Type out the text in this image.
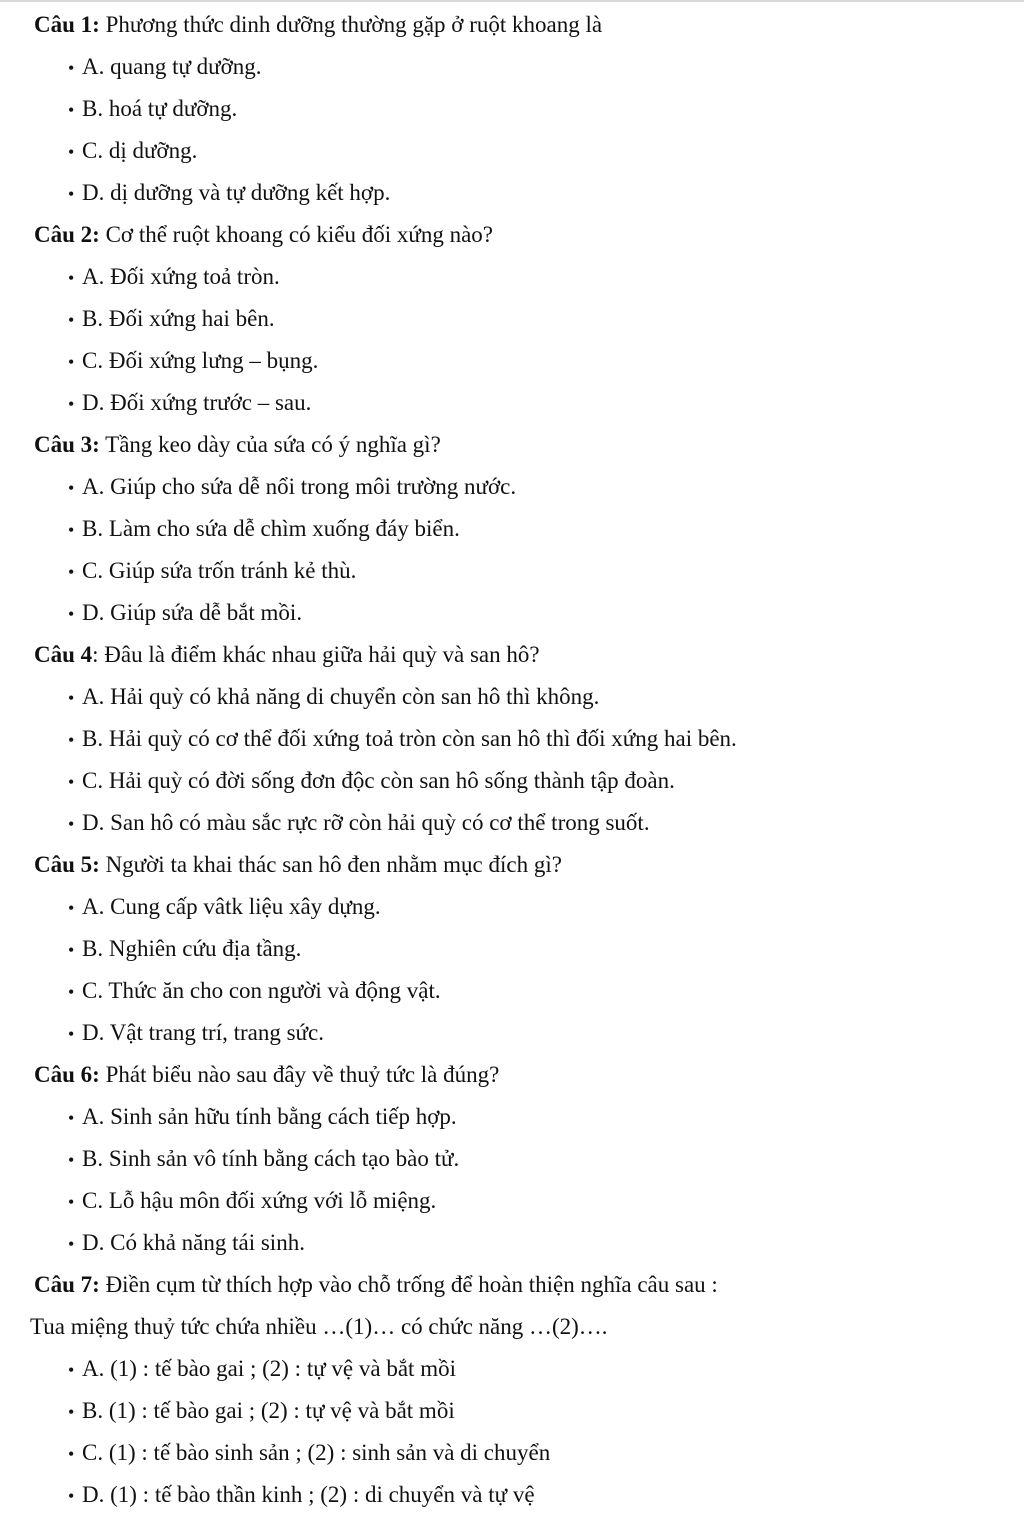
Câu 1: Phương thức dinh dưỡng thường gặp ở ruột khoang là
• A. quang tự dưỡng.
• B. hoá tự dưỡng.
• C. dị dưỡng.
• D. dị dưỡng và tự dưỡng kết hợp.
Câu 2: Cơ thể ruột khoang có kiểu đối xứng nào?
• A. Đối xứng toả tròn.
• B. Đối xứng hai bên.
• C. Đối xứng lưng – bụng.
• D. Đối xứng trước – sau.
Câu 3: Tầng keo dày của sứa có ý nghĩa gì?
• A. Giúp cho sứa dễ nổi trong môi trường nước.
• B. Làm cho sứa dễ chìm xuống đáy biển.
• C. Giúp sứa trốn tránh kẻ thù.
• D. Giúp sứa dễ bắt mồi.
Câu 4: Đâu là điểm khác nhau giữa hải quỳ và san hô?
• A. Hải quỳ có khả năng di chuyển còn san hô thì không.
• B. Hải quỳ có cơ thể đối xứng toả tròn còn san hô thì đối xứng hai bên.
• C. Hải quỳ có đời sống đơn độc còn san hô sống thành tập đoàn.
• D. San hô có màu sắc rực rỡ còn hải quỳ có cơ thể trong suốt.
Câu 5: Người ta khai thác san hô đen nhằm mục đích gì?
• A. Cung cấp vâtk liệu xây dựng.
• B. Nghiên cứu địa tầng.
• C. Thức ăn cho con người và động vật.
• D. Vật trang trí, trang sức.
Câu 6: Phát biểu nào sau đây về thuỷ tức là đúng?
• A. Sinh sản hữu tính bằng cách tiếp hợp.
• B. Sinh sản vô tính bằng cách tạo bào tử.
• C. Lỗ hậu môn đối xứng với lỗ miệng.
• D. Có khả năng tái sinh.
Câu 7: Điền cụm từ thích hợp vào chỗ trống để hoàn thiện nghĩa câu sau :
Tua miệng thuỷ tức chứa nhiều …(1)… có chức năng …(2)….
• A. (1) : tế bào gai ; (2) : tự vệ và bắt mồi
• B. (1) : tế bào gai ; (2) : tự vệ và bắt mồi
• C. (1) : tế bào sinh sản ; (2) : sinh sản và di chuyển
• D. (1) : tế bào thần kinh ; (2) : di chuyển và tự vệ
